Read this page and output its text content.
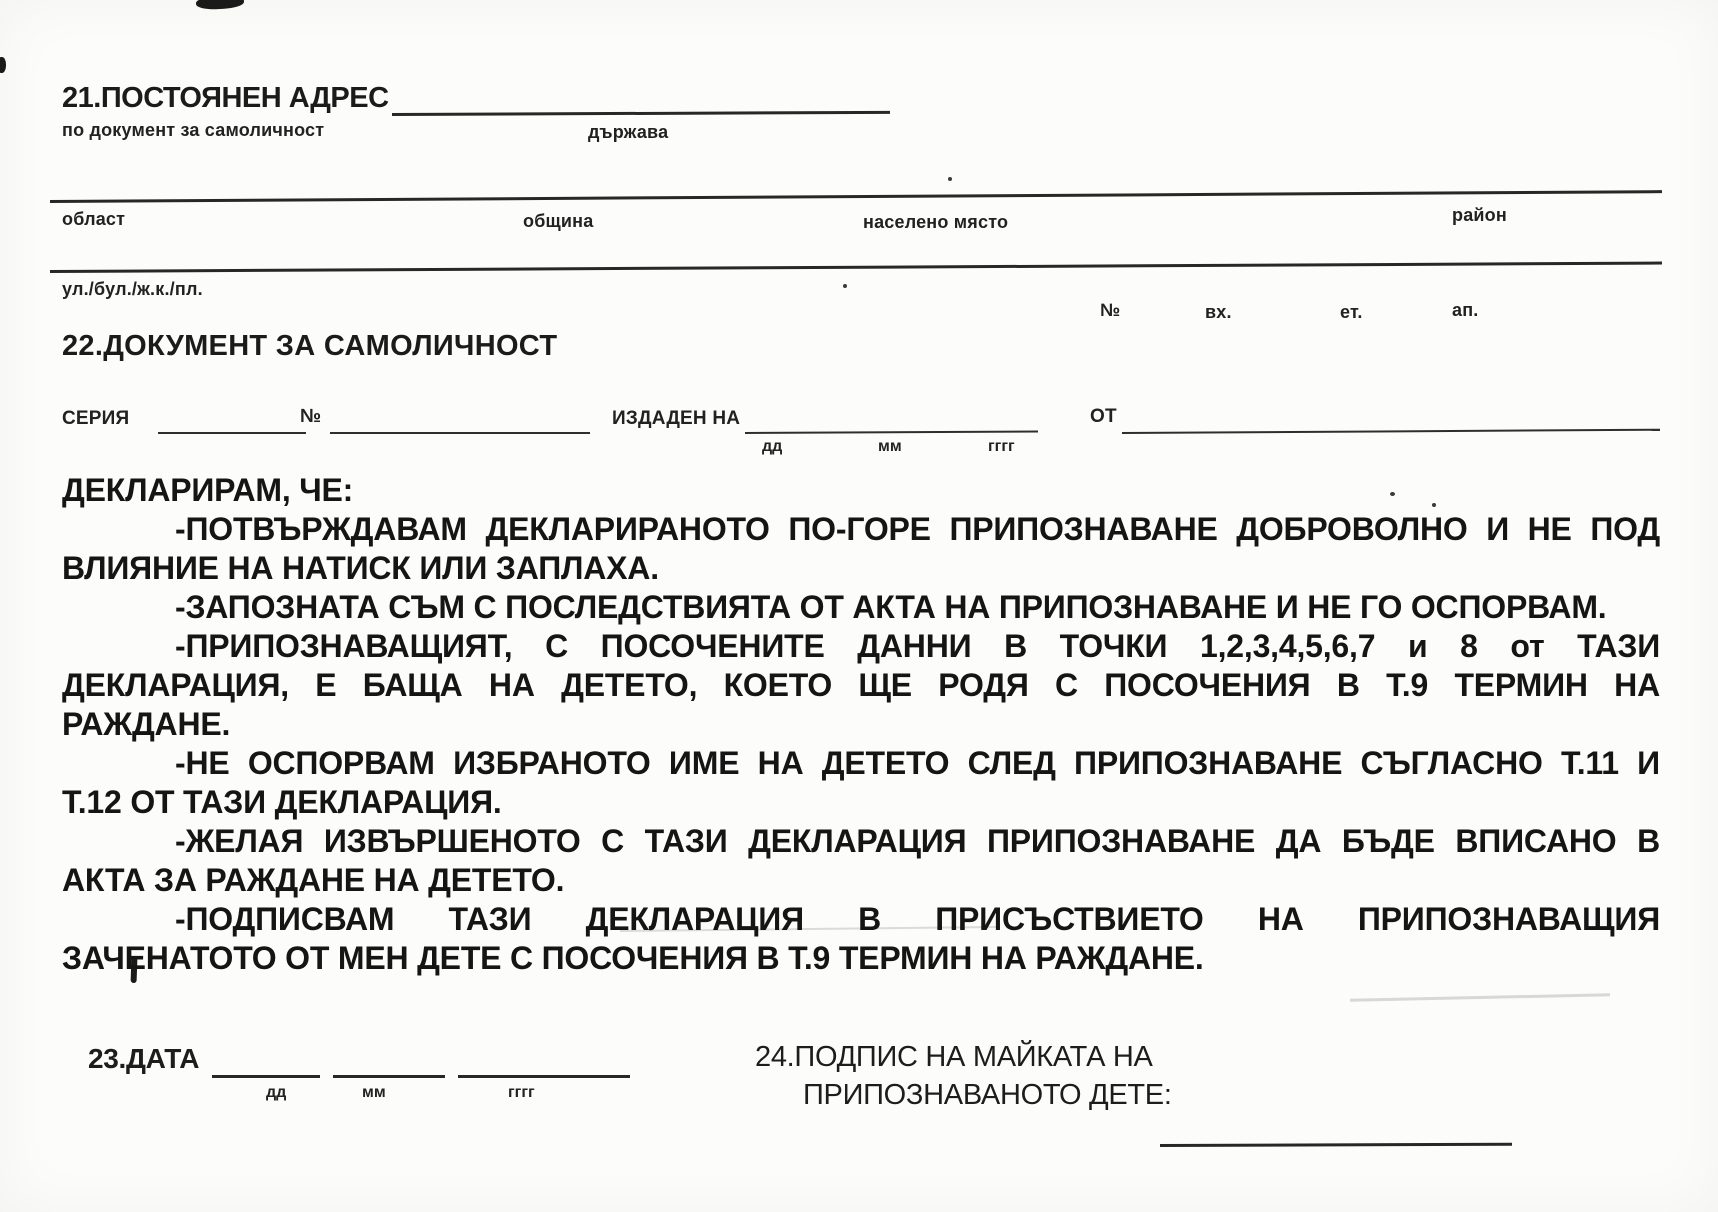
21.ПОСТОЯНЕН АДРЕС
по документ за самоличност	държава
област	община	населено място	район
ул./бул./ж.к./пл.
№	вх.	ет.	ап.
22.ДОКУМЕНТ ЗА САМОЛИЧНОСТ
СЕРИЯ	№	ИЗДАДЕН НА	ОТ
дд	мм	гггг
ДЕКЛАРИРАМ, ЧЕ:
-ПОТВЪРЖДАВАМ ДЕКЛАРИРАНОТО ПО-ГОРЕ ПРИПОЗНАВАНЕ ДОБРОВОЛНО И НЕ ПОД
ВЛИЯНИЕ НА НАТИСК ИЛИ ЗАПЛАХА.
-ЗАПОЗНАТА СЪМ С ПОСЛЕДСТВИЯТА ОТ АКТА НА ПРИПОЗНАВАНЕ И НЕ ГО ОСПОРВАМ.
-ПРИПОЗНАВАЩИЯТ, С ПОСОЧЕНИТЕ ДАННИ В ТОЧКИ 1,2,3,4,5,6,7 и 8 от ТАЗИ
ДЕКЛАРАЦИЯ, Е БАЩА НА ДЕТЕТО, КОЕТО ЩЕ РОДЯ С ПОСОЧЕНИЯ В Т.9 ТЕРМИН НА
РАЖДАНЕ.
-НЕ ОСПОРВАМ ИЗБРАНОТО ИМЕ НА ДЕТЕТО СЛЕД ПРИПОЗНАВАНЕ СЪГЛАСНО Т.11 И
Т.12 ОТ ТАЗИ ДЕКЛАРАЦИЯ.
-ЖЕЛАЯ ИЗВЪРШЕНОТО С ТАЗИ ДЕКЛАРАЦИЯ ПРИПОЗНАВАНЕ ДА БЪДЕ ВПИСАНО В
АКТА ЗА РАЖДАНЕ НА ДЕТЕТО.
-ПОДПИСВАМ ТАЗИ ДЕКЛАРАЦИЯ В ПРИСЪСТВИЕТО НА ПРИПОЗНАВАЩИЯ
ЗАЧЕНАТОТО ОТ МЕН ДЕТЕ С ПОСОЧЕНИЯ В Т.9 ТЕРМИН НА РАЖДАНЕ.
23.ДАТА
дд	мм	гггг
24.ПОДПИС НА МАЙКАТА НА
ПРИПОЗНАВАНОТО ДЕТЕ:
